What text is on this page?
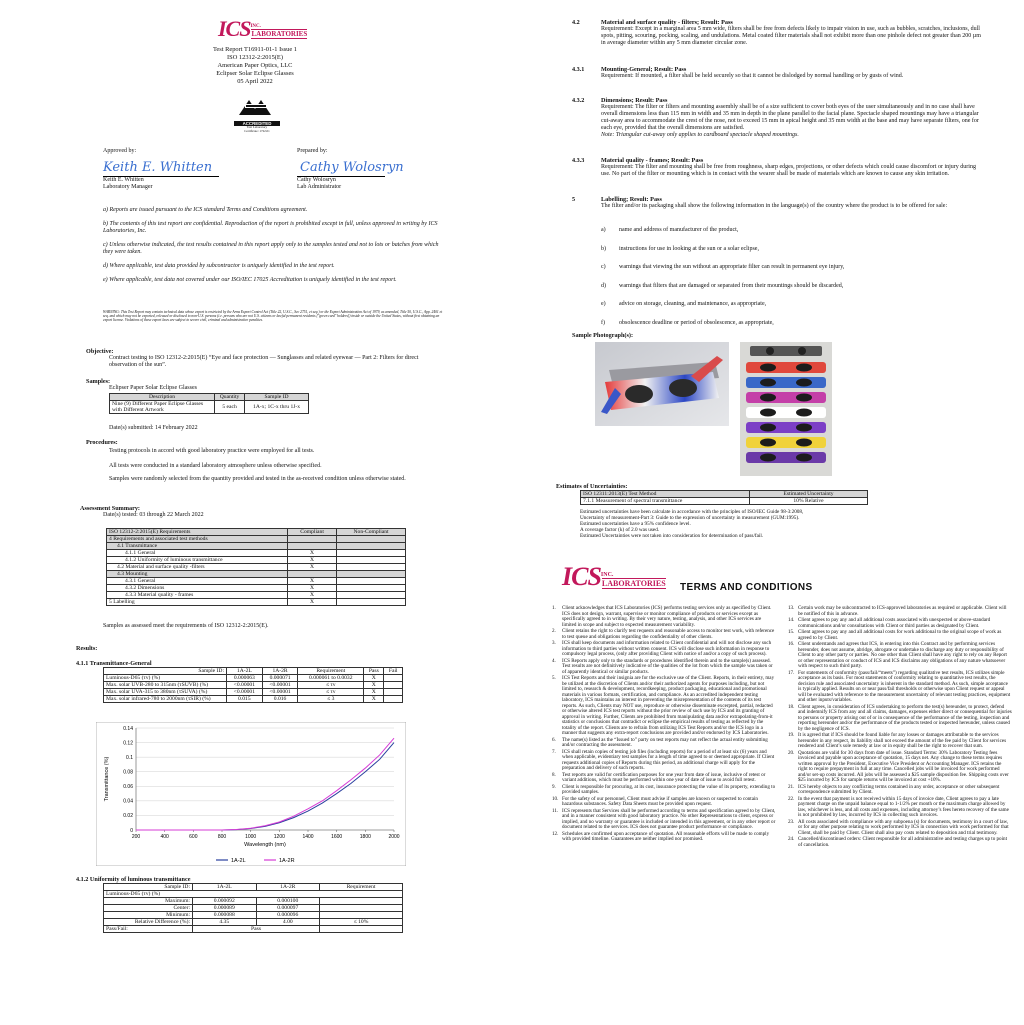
ICS INC.
LABORATORIES
Test Report T16911-01-1 Issue 1
ISO 12312-2:2015(E)
American Paper Optics, LLC
Eclipser Solar Eclipse Glasses
05 April 2022
ACCREDITED
Test Laboratory
Certificate: 1722.01
Approved by:
Keith E. Whitten
Keith E. Whitten
Laboratory Manager
Prepared by:
Cathy Wolosryn
Cathy Wolosryn
Lab Administrator
a) Reports are issued pursuant to the ICS standard Terms and Conditions agreement.
b) The contents of this test report are confidential. Reproduction of the report is prohibited except in full, unless approved in writing by ICS Laboratories, Inc.
c) Unless otherwise indicated, the test results contained in this report apply only to the samples tested and not to lots or batches from which they were taken.
d) Where applicable, test data provided by subcontractor is uniquely identified in the test report.
e) Where applicable, test data not covered under our ISO/IEC 17025 Accreditation is uniquely identified in the test report.
WARNING: This Test Report may contain technical data whose export is restricted by the Arms Export Control Act (Title 22, U.S.C., Sec 2751, et seq.) or the Export Administration Act of 1979, as amended, Title 50, U.S.C., App. 2401 et seq. and which may not be exported, released or disclosed to non-U.S. persons (i.e. persons who are not U.S. citizens or lawful permanent residents ["green card" holders]) inside or outside the United States, without first obtaining an export license. Violations of these export laws are subject to severe civil, criminal and administrative penalties.
Objective:
Contract testing to ISO 12312-2:2015(E) “Eye and face protection — Sunglasses and related eyewear — Part 2: Filters for direct observation of the sun”.
Samples:
Eclipser Paper Solar Eclipse Glasses
Description	Quantity	Sample ID
Nine (9) Different Paper Eclipse Glasses with Different Artwork	5 each	1A-x; 1C-x thru 1J-x
Date(s) submitted: 14 February 2022
Procedures:
Testing protocols in accord with good laboratory practice were employed for all tests.
All tests were conducted in a standard laboratory atmosphere unless otherwise specified.
Samples were randomly selected from the quantity provided and tested in the as-received condition unless otherwise stated.
Assessment Summary:
Date(s) tested: 03 through 22 March 2022
ISO 12312-2:2015(E) Requirements	Compliant	Non-Compliant
4 Requirements and associated test methods		
4.1 Transmittance		
4.1.1 General	X	
4.1.2 Uniformity of luminous transmittance	X	
4.2 Material and surface quality -filters	X	
4.3 Mounting		
4.3.1 General	X	
4.3.2 Dimensions	X	
4.3.3 Material quality - frames	X	
5 Labelling	X	
Samples as assessed meet the requirements of ISO 12312-2:2015(E).
Results:
4.1.1 Transmittance-General
Sample ID:	1A-2L	1A-2R	Requirement	Pass	Fail
Luminous-D65 (τv) (%)	0.000063	0.000071	0.000061 to 0.0032	X	
Max. solar UVB-280 to 315nm (τSUVB) (%)	<0.00001	<0.00001	≤ τv	X	
Max. solar UVA-315 to 380nm (τSUVA) (%)	<0.00001	<0.00001	≤ τv	X	
Max. solar infrared-780 to 2000nm (τSIR) (%)	0.015	0.016	≤ 3	X	
0
0.02
0.04
0.06
0.08
0.1
0.12
0.14
200	400	600	800	1000	1200	1400	1600	1800	2000
Wavelength (nm)
Transmittance (%)
1A-2L	1A-2R
4.1.2 Uniformity of luminous transmittance
Sample ID:	1A-2L	1A-2R	Requirement
Luminous-D65 (τv) (%)			
Maximum:	0.000092	0.000100	
Center:	0.000089	0.000097	
Minimum:	0.000088	0.000096	
Relative Difference (%):	4.35	4.00	≤ 10%
Pass/Fail:	Pass		
4.2	Material and surface quality - filters; Result: Pass
Requirement: Except in a marginal area 5 mm wide, filters shall be free from defects likely to impair vision in use, such as bubbles, scratches, inclusions, dull spots, pitting, scouring, pocking, scaling, and undulations. Metal coated filter materials shall not exhibit more than one pinhole defect not greater than 200 µm in average diameter within any 5 mm diameter circular zone.
4.3.1	Mounting-General; Result: Pass
Requirement: If mounted, a filter shall be held securely so that it cannot be dislodged by normal handling or by gusts of wind.
4.3.2	Dimensions; Result: Pass
Requirement: The filter or filters and mounting assembly shall be of a size sufficient to cover both eyes of the user simultaneously and in no case shall have overall dimensions less than 115 mm in width and 35 mm in depth in the plane parallel to the facial plane. Spectacle shaped mountings may have a triangular cut-away area to accommodate the crest of the nose, not to exceed 15 mm in apical height and 35 mm width at the base and may have separate filters, one for each eye, provided that the overall dimensions are satisfied.
Note: Triangular cut-away only applies to cardboard spectacle shaped mountings.
4.3.3	Material quality - frames; Result: Pass
Requirement: The filter and mounting shall be free from roughness, sharp edges, projections, or other defects which could cause discomfort or injury during use. No part of the filter or mounting which is in contact with the wearer shall be made of materials which are known to cause any skin irritation.
5	Labelling; Result: Pass
The filter and/or its packaging shall show the following information in the language(s) of the country where the product is to be offered for sale:
a)	name and address of manufacturer of the product,
b)	instructions for use in looking at the sun or a solar eclipse,
c)	warnings that viewing the sun without an appropriate filter can result in permanent eye injury,
d)	warnings that filters that are damaged or separated from their mountings should be discarded,
e)	advice on storage, cleaning, and maintenance, as appropriate,
f)	obsolescence deadline or period of obsolescence, as appropriate,
Sample Photograph(s):
Estimates of Uncertainties:
ISO 12311:2013(E) Test Method	Estimated Uncertainty
7.1.1 Measurement of spectral transmittance	10% Relative
Estimated uncertainties have been calculate in accordance with the principles of ISO/IEC Guide 98-3:2008,
Uncertainty of measurement-Part 3: Guide to the expression of uncertainty in measurement (GUM:1995).
Estimated uncertainties have a 95% confidence level.
A coverage factor (k) of 2.0 was used.
Estimated Uncertainties were not taken into consideration for determination of pass/fail.
ICS INC.
LABORATORIES TERMS AND CONDITIONS
1.	Client acknowledges that ICS Laboratories (ICS) performs testing services only as specified by Client. ICS does not design, warrant, supervise or monitor compliance of products or services except as specifically agreed to in writing. By their very nature, testing, analysis, and other ICS services are limited in scope and subject to expected measurement variability.
2.	Client retains the right to clarify test requests and reasonable access to monitor test work, with reference to test queue and obligations regarding the confidentiality of other clients.
3.	ICS shall keep documents and information related to Client confidential and will not disclose any such information to third parties without written consent. ICS will disclose such information in response to compulsory legal process, (only after providing Client with notice of and/or a copy of such process).
4.	ICS Reports apply only to the standards or procedures identified therein and to the sample(s) assessed. Test results are not definitively indicative of the qualities of the lot from which the sample was taken or of apparently identical or similar products.
5.	ICS Test Reports and their insignia are for the exclusive use of the Client. Reports, in their entirety, may be utilized at the discretion of Clients and/or their authorized agents for purposes including, but not limited to, research & development, recordkeeping, product packaging, educational and promotional materials in various formats, certification, and compliance. As an accredited independent testing laboratory, ICS maintains an interest in preventing the misrepresentation of the contents of its test reports. As such, Clients may NOT use, reproduce or otherwise disseminate excerpted, partial, redacted or otherwise altered ICS test reports without the prior review of such use by ICS and its granting of approval in writing. Further, Clients are prohibited from manipulating data and/or extrapolating-from-it statistics or conclusions that contradict or eclipse the empirical results of testing as reflected by the totality of the report. Clients are to refrain from utilizing ICS Test Reports and/or the ICS logo in a manner that suggests any extra-report conclusions are provided and/or endorsed by ICS Laboratories.
6.	The name(s) listed as the “Issued to” party on test reports may not reflect the actual entity submitting and/or contracting the assessment.
7.	ICS shall retain copies of testing job files (including reports) for a period of at least six (6) years and when applicable, evidentiary test samples for a length of time agreed to or deemed appropriate. If Client requests additional copies of Reports during this period, an additional charge will apply for the preparation and delivery of such reports.
8.	Test reports are valid for certification purposes for one year from date of issue, inclusive of retest or variant additions, which must be performed within one year of date of issue to avoid full retest.
9.	Client is responsible for procuring, at its cost, insurance protecting the value of its property, extending to provided samples.
10. For the safety of our personnel, Client must advise if samples are known or suspected to contain hazardous substances. Safety Data Sheets must be provided upon request.
11. ICS represents that Services shall be performed according to terms and specification agreed to by Client, and in a manner consistent with good laboratory practice. No other Representations to client, express or implied, and no warranty or guarantee is included or intended in this agreement, or in any other report or document related to the services. ICS does not guarantee product performance or compliance.
12. Schedules are confirmed upon acceptance of quotation. All reasonable efforts will be made to comply with provided timeline. Guarantees are neither implied nor promised.
13. Certain work may be subcontracted to ICS-approved laboratories as required or applicable. Client will be notified of this in advance.
14. Client agrees to pay any and all additional costs associated with unexpected or above-standard communications and/or consultations with Client or third parties as designated by Client.
15. Client agrees to pay any and all additional costs for work additional to the original scope of work as agreed to by Client.
16. Client understands and agrees that ICS, in entering into this Contract and by performing services hereunder, does not assume, abridge, abrogate or undertake to discharge any duty or responsibility of Client to any other party or parties. No one other than Client shall have any right to rely on any Report or other representation or conduct of ICS and ICS disclaims any obligations of any nature whatsoever with respect to such third party.
17. For statements of conformity (pass/fail/“meets”) regarding qualitative test results, ICS utilizes simple acceptance as its basis. For most statements of conformity relating to quantitative test results, the decision rule and associated uncertainty is inherent in the standard method. As such, simple acceptance is typically applied. Results on or near pass/fail thresholds or otherwise upon Client request or appeal will be evaluated with reference to the measurement uncertainty of relevant testing practices, equipment and other inputs/variables.
18. Client agrees, in consideration of ICS undertaking to perform the test(s) hereunder, to protect, defend and indemnify ICS from any and all claims, damages, expenses either direct or consequential for injuries to persons or property arising out of or in consequence of the performance of the testing, inspection and reporting hereunder and/or the performance of the products tested or inspected hereunder, unless caused by the negligence of ICS.
19. It is agreed that if ICS should be found liable for any losses or damages attributable to the services hereunder in any respect, its liability shall not exceed the amount of the fee paid by Client for services rendered and Client’s sole remedy at law or in equity shall be the right to recover that sum.
20. Quotations are valid for 30 days from date of issue. Standard Terms: 30% Laboratory Testing fees invoiced and payable upon acceptance of quotation, 15 days net. Any change to these terms requires written approval by the President, Executive Vice President or Accounting Manager. ICS retains the right to require prepayment in full at any time. Cancelled jobs will be invoiced for work performed and/or set-up costs incurred. All jobs will be assessed a $25 sample disposition fee. Shipping costs over $25 incurred by ICS for sample returns will be invoiced at cost +10%.
21. ICS hereby objects to any conflicting terms contained in any order, acceptance or other subsequent correspondence submitted by Client.
22. In the event that payment is not received within 15 days of invoice date, Client agrees to pay a late payment charge on the unpaid balance equal to 1-1/2% per month or the maximum charge allowed by law, whichever is less, and all costs and expenses, including attorney’s fees hereto recovery of the same is not prohibited by law, incurred by ICS in collecting such invoices.
23. All costs associated with compliance with any subpoena (s) for documents, testimony in a court of law, or for any other purpose relating to work performed by ICS in connection with work performed for that Client, shall be paid by Client. Client shall also pay costs related to deposition and trial testimony.
24. Cancelled/discontinued orders: Client responsible for all administrative and testing charges up to point of cancellation.
